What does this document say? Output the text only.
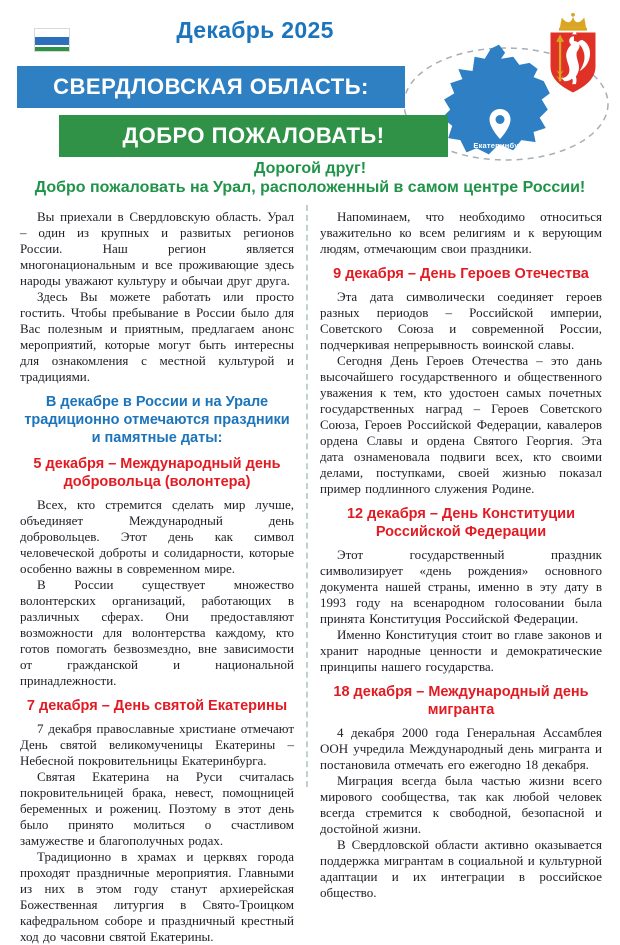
Декабрь 2025
Екатеринбург
СВЕРДЛОВСКАЯ ОБЛАСТЬ:
ДОБРО ПОЖАЛОВАТЬ!
Дорогой друг!
Добро пожаловать на Урал, расположенный в самом центре России!

Вы приехали в Свердловскую область. Урал – один из крупных и развитых регионов России. Наш регион является многонациональным и все проживающие здесь народы уважают культуру и обычаи друг друга.

Здесь Вы можете работать или просто гостить. Чтобы пребывание в России было для Вас полезным и приятным, предлагаем анонс мероприятий, которые могут быть интересны для ознакомления с местной культурой и традициями.

В декабре в России и на Урале традиционно отмечаются праздники и памятные даты:
5 декабря – Международный день добровольца (волонтера)

Всех, кто стремится сделать мир лучше, объединяет Международный день добровольцев. Этот день как символ человеческой доброты и солидарности, которые особенно важны в современном мире.

В России существует множество волонтерских организаций, работающих в различных сферах. Они предоставляют возможности для волонтерства каждому, кто готов помогать безвозмездно, вне зависимости от гражданской и национальной принадлежности.

7 декабря – День святой Екатерины

7 декабря православные христиане отмечают День святой великомученицы Екатерины – Небесной покровительницы Екатеринбурга.

Святая Екатерина на Руси считалась покровительницей брака, невест, помощницей беременных и рожениц. Поэтому в этот день было принято молиться о счастливом замужестве и благополучных родах.

Традиционно в храмах и церквях города проходят праздничные мероприятия. Главными из них в этом году станут архиерейская Божественная литургия в Свято-Троицком кафедральном соборе и праздничный крестный ход до часовни святой Екатерины.

Напоминаем, что необходимо относиться уважительно ко всем религиям и к верующим людям, отмечающим свои праздники.

9 декабря – День Героев Отечества

Эта дата символически соединяет героев разных периодов – Российской империи, Советского Союза и современной России, подчеркивая непрерывность воинской славы.

Сегодня День Героев Отечества – это дань высочайшего государственного и общественного уважения к тем, кто удостоен самых почетных государственных наград – Героев Советского Союза, Героев Российской Федерации, кавалеров ордена Славы и ордена Святого Георгия. Эта дата ознаменовала подвиги всех, кто своими делами, поступками, своей жизнью показал пример подлинного служения Родине.

12 декабря – День Конституции Российской Федерации

Этот государственный праздник символизирует «день рождения» основного документа нашей страны, именно в эту дату в 1993 году на всенародном голосовании была принята Конституция Российской Федерации.

Именно Конституция стоит во главе законов и хранит народные ценности и демократические принципы нашего государства.

18 декабря – Международный день мигранта

4 декабря 2000 года Генеральная Ассамблея ООН учредила Международный день мигранта и постановила отмечать его ежегодно 18 декабря.

Миграция всегда была частью жизни всего мирового сообщества, так как любой человек всегда стремится к свободной, безопасной и достойной жизни.

В Свердловской области активно оказывается поддержка мигрантам в социальной и культурной адаптации и их интеграции в российское общество.
